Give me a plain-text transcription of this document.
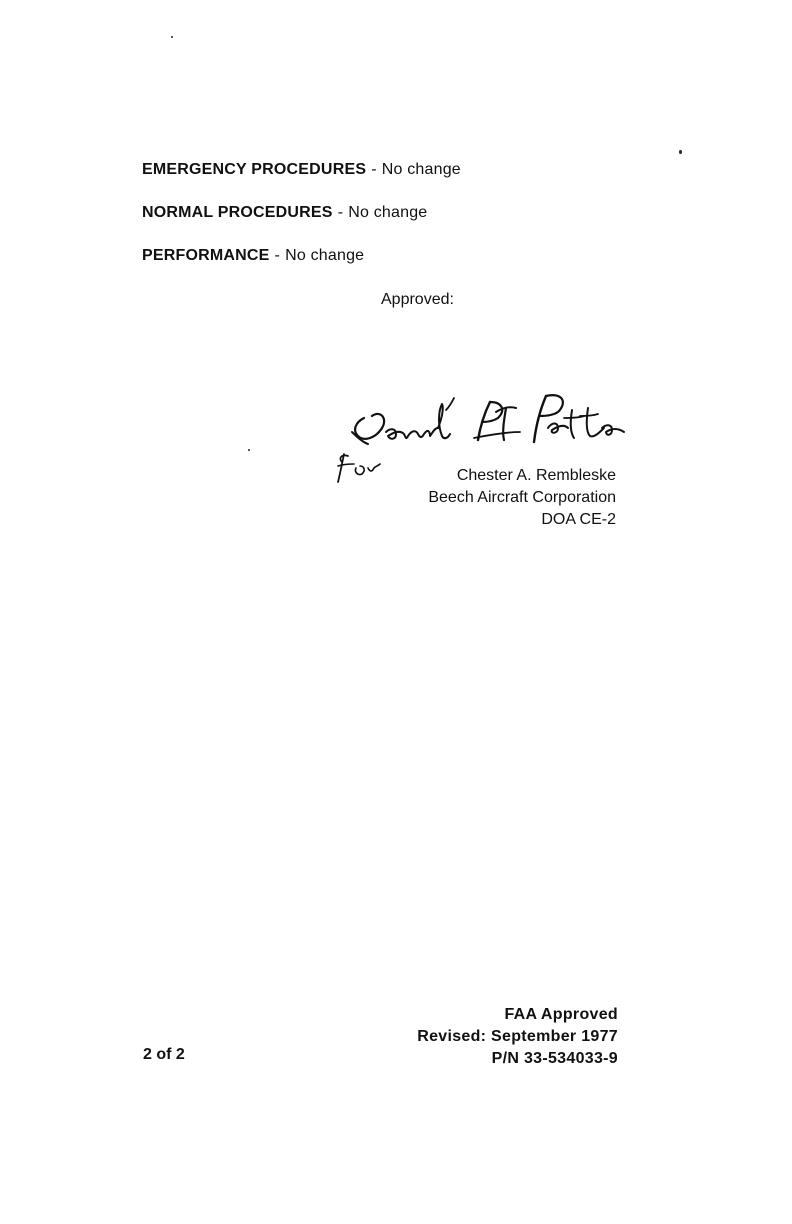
EMERGENCY PROCEDURES - No change
NORMAL PROCEDURES - No change
PERFORMANCE - No change
Approved:
Chester A. Rembleske
Beech Aircraft Corporation
DOA CE-2
FAA Approved
Revised: September 1977
P/N 33-534033-9
2 of 2
